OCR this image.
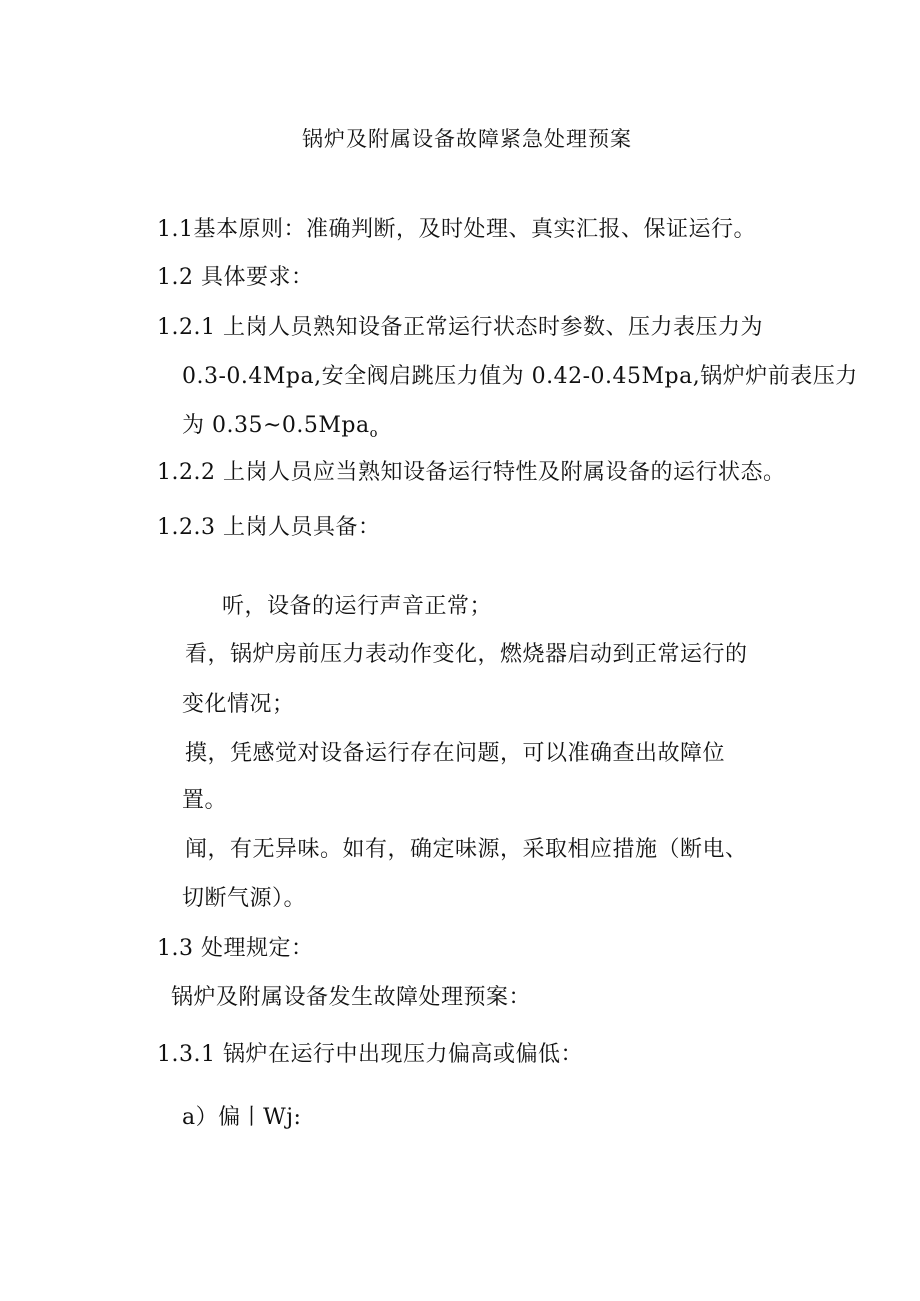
锅炉及附属设备故障紧急处理预案
1.1基本原则：准确判断，及时处理、真实汇报、保证运行。
1.2 具体要求：
1.2.1 上岗人员熟知设备正常运行状态时参数、压力表压力为
0.3-0.4Mpa,安全阀启跳压力值为 0.42-0.45Mpa,锅炉炉前表压力
为 0.35~0.5Mpa$_o$
1.2.2 上岗人员应当熟知设备运行特性及附属设备的运行状态。
1.2.3 上岗人员具备：
听，设备的运行声音正常；
看，锅炉房前压力表动作变化，燃烧器启动到正常运行的
变化情况；
摸，凭感觉对设备运行存在问题，可以准确查出故障位
置。
闻，有无异味。如有，确定味源，采取相应措施（断电、
切断气源）。
1.3 处理规定：
锅炉及附属设备发生故障处理预案：
1.3.1 锅炉在运行中出现压力偏高或偏低：
a）偏丨Wj:
